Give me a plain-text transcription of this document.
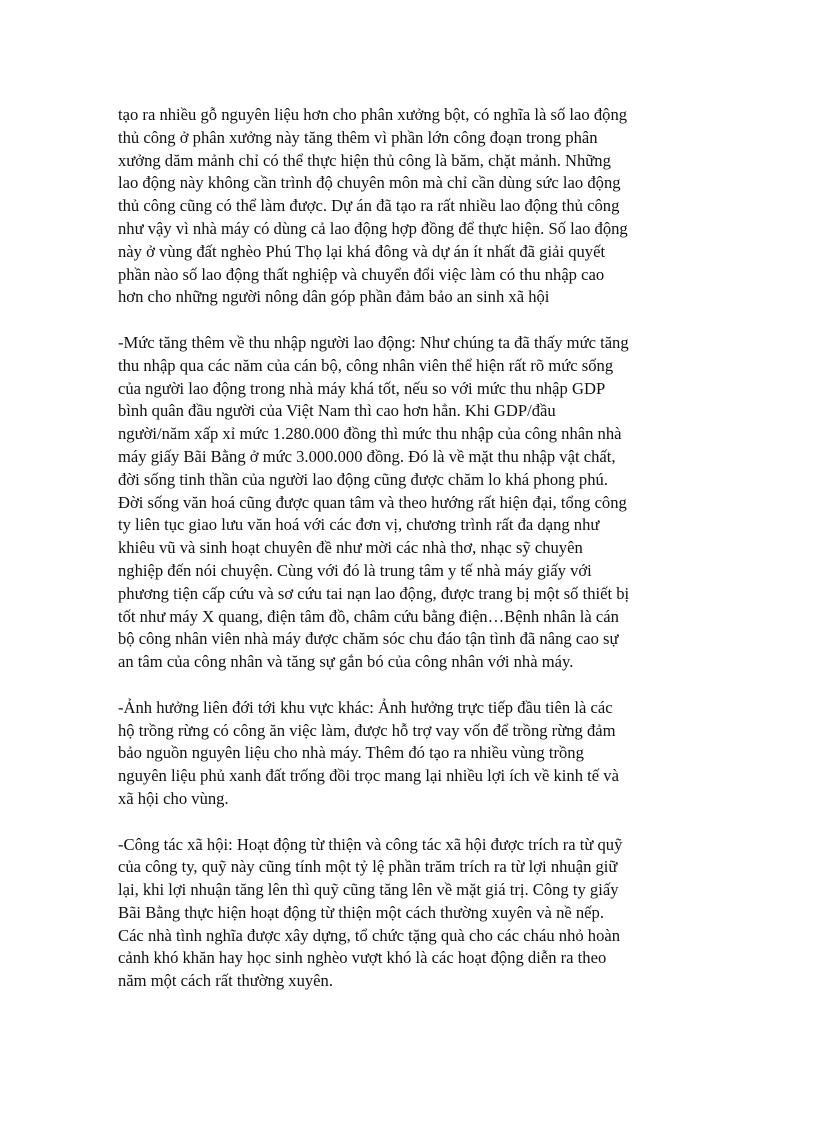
tạo ra nhiều gỗ nguyên liệu hơn cho phân xưởng bột, có nghĩa là số lao động
thủ công ở phân xưởng này tăng thêm vì phần lớn công đoạn trong phân
xưởng dăm mảnh chỉ có thể thực hiện thủ công là băm, chặt mảnh. Những
lao động này không cần trình độ chuyên môn mà chỉ cần dùng sức lao động
thủ công cũng có thể làm được. Dự án đã tạo ra rất nhiều lao động thủ công
như vậy vì nhà máy có dùng cả lao động hợp đồng để thực hiện. Số lao động
này ở vùng đất nghèo Phú Thọ lại khá đông và dự án ít nhất đã giải quyết
phần nào số lao động thất nghiệp và chuyển đổi việc làm có thu nhập cao
hơn cho những người nông dân góp phần đảm bảo an sinh xã hội

-Mức tăng thêm về thu nhập người lao động: Như chúng ta đã thấy mức tăng
thu nhập qua các năm của cán bộ, công nhân viên thể hiện rất rõ mức sống
của người lao động trong nhà máy khá tốt, nếu so với mức thu nhập GDP
bình quân đầu người của Việt Nam thì cao hơn hẳn. Khi GDP/đầu
người/năm xấp xỉ mức 1.280.000 đồng thì mức thu nhập của công nhân nhà
máy giấy Bãi Bằng ở mức 3.000.000 đồng. Đó là về mặt thu nhập vật chất,
đời sống tinh thần của người lao động cũng được chăm lo khá phong phú.
Đời sống văn hoá cũng được quan tâm và theo hướng rất hiện đại, tổng công
ty liên tục giao lưu văn hoá với các đơn vị, chương trình rất đa dạng như
khiêu vũ và sinh hoạt chuyên đề như mời các nhà thơ, nhạc sỹ chuyên
nghiệp đến nói chuyện. Cùng với đó là trung tâm y tế nhà máy giấy với
phương tiện cấp cứu và sơ cứu tai nạn lao động, được trang bị một số thiết bị
tốt như máy X quang, điện tâm đồ, châm cứu bằng điện…Bệnh nhân là cán
bộ công nhân viên nhà máy được chăm sóc chu đáo tận tình đã nâng cao sự
an tâm của công nhân và tăng sự gắn bó của công nhân với nhà máy.

-Ảnh hưởng liên đới tới khu vực khác: Ảnh hưởng trực tiếp đầu tiên là các
hộ trồng rừng có công ăn việc làm, được hỗ trợ vay vốn để trồng rừng đảm
bảo nguồn nguyên liệu cho nhà máy. Thêm đó tạo ra nhiều vùng trồng
nguyên liệu phủ xanh đất trống đồi trọc mang lại nhiều lợi ích về kinh tế và
xã hội cho vùng.

-Công tác xã hội: Hoạt động từ thiện và công tác xã hội được trích ra từ quỹ
của công ty, quỹ này cũng tính một tỷ lệ phần trăm trích ra từ lợi nhuận giữ
lại, khi lợi nhuận tăng lên thì quỹ cũng tăng lên về mặt giá trị. Công ty giấy
Bãi Bằng thực hiện hoạt động từ thiện một cách thường xuyên và nề nếp.
Các nhà tình nghĩa được xây dựng, tổ chức tặng quà cho các cháu nhỏ hoàn
cảnh khó khăn hay học sinh nghèo vượt khó là các hoạt động diễn ra theo
năm một cách rất thường xuyên.
